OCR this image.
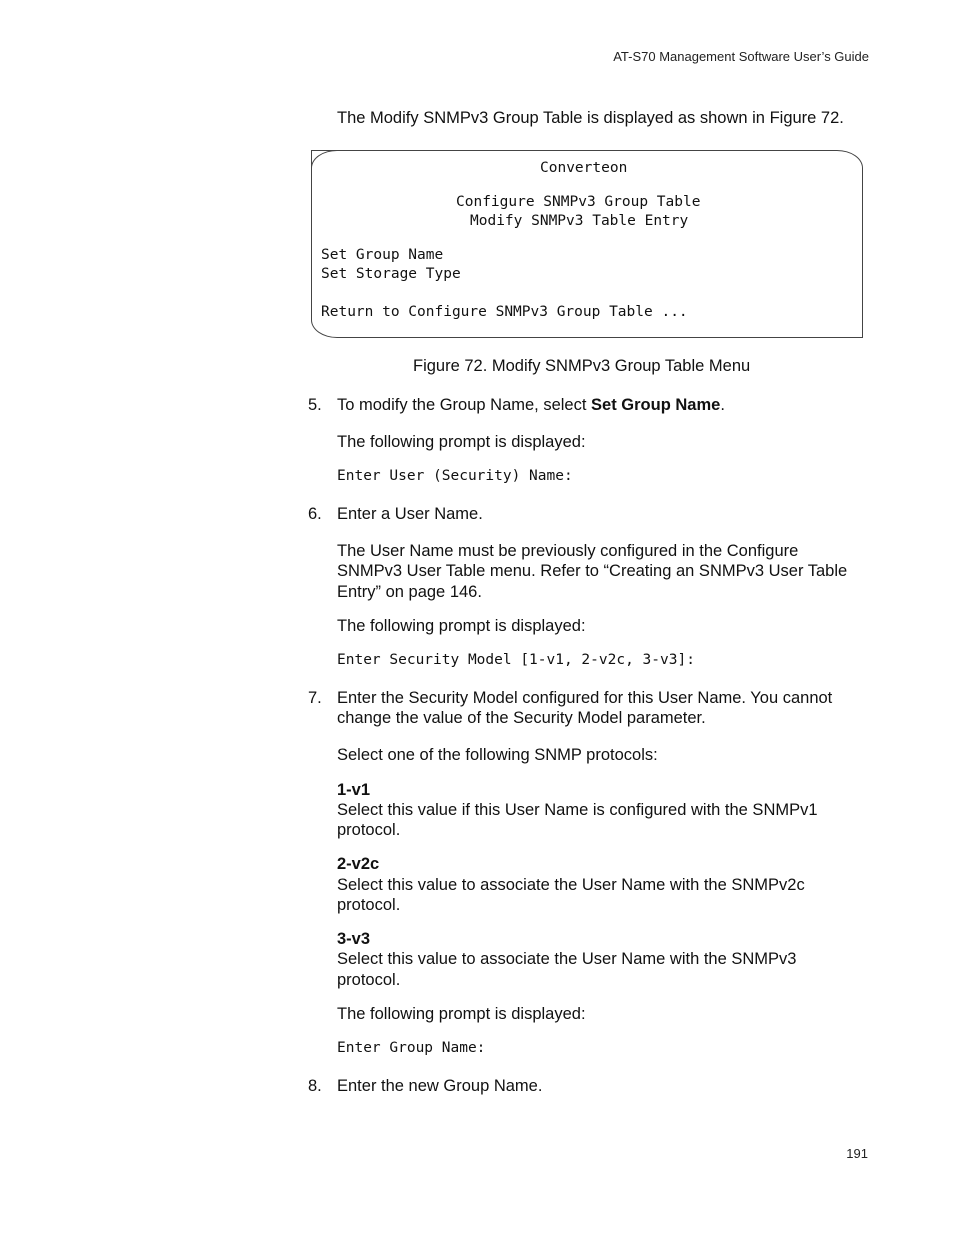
AT-S70 Management Software User’s Guide
The Modify SNMPv3 Group Table is displayed as shown in Figure 72.
Converteon
Configure SNMPv3 Group Table
Modify SNMPv3 Table Entry
Set Group Name
Set Storage Type
Return to Configure SNMPv3 Group Table ...
Figure 72. Modify SNMPv3 Group Table Menu
5. To modify the Group Name, select Set Group Name.
The following prompt is displayed:
Enter User (Security) Name:
6. Enter a User Name.
The User Name must be previously configured in the Configure
SNMPv3 User Table menu. Refer to “Creating an SNMPv3 User Table
Entry” on page 146.
The following prompt is displayed:
Enter Security Model [1-v1, 2-v2c, 3-v3]:
7. Enter the Security Model configured for this User Name. You cannot
change the value of the Security Model parameter.
Select one of the following SNMP protocols:
1-v1
Select this value if this User Name is configured with the SNMPv1
protocol.
2-v2c
Select this value to associate the User Name with the SNMPv2c
protocol.
3-v3
Select this value to associate the User Name with the SNMPv3
protocol.
The following prompt is displayed:
Enter Group Name:
8. Enter the new Group Name.
191
